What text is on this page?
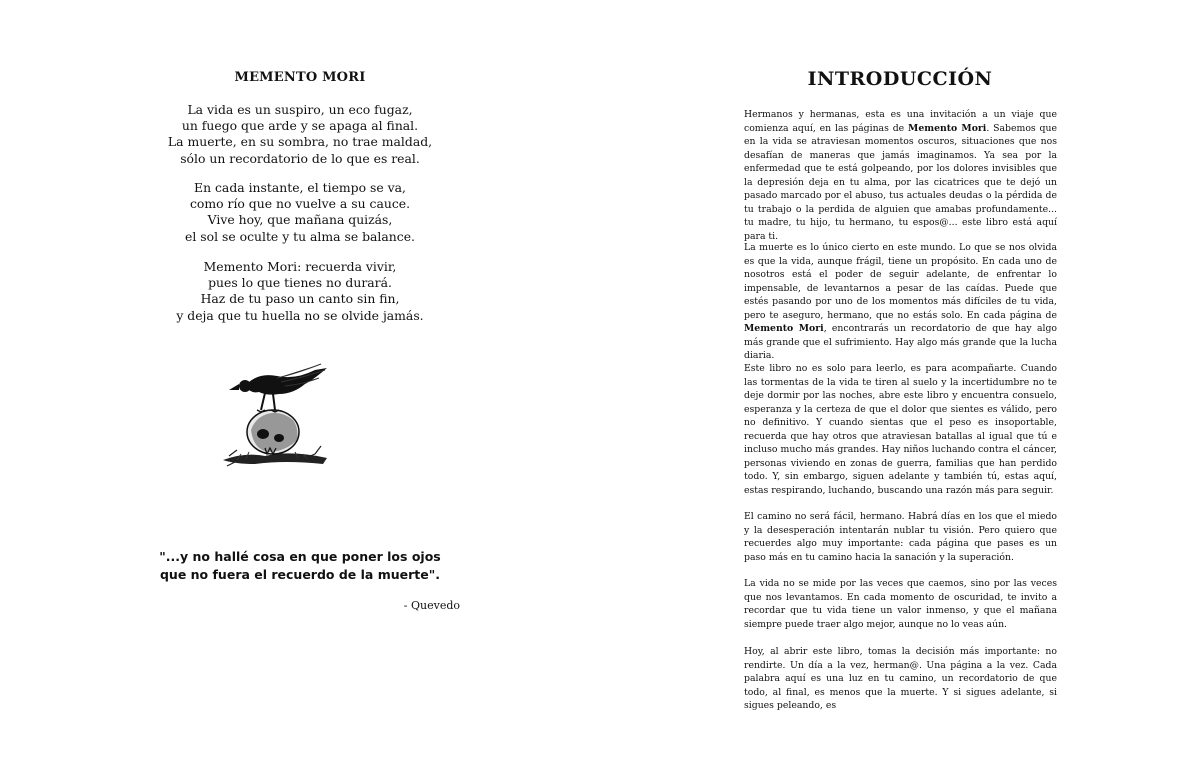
MEMENTO MORI
La vida es un suspiro, un eco fugaz,
un fuego que arde y se apaga al final.
La muerte, en su sombra, no trae maldad,
sólo un recordatorio de lo que es real.
En cada instante, el tiempo se va,
como río que no vuelve a su cauce.
Vive hoy, que mañana quizás,
el sol se oculte y tu alma se balance.
Memento Mori: recuerda vivir,
pues lo que tienes no durará.
Haz de tu paso un canto sin fin,
y deja que tu huella no se olvide jamás.
"...y no hallé cosa en que poner los ojos
que no fuera el recuerdo de la muerte".
- Quevedo
INTRODUCCIÓN

Hermanos y hermanas, esta es una invitación a un viaje que comienza aquí, en las páginas de Memento Mori. Sabemos que en la vida se atraviesan momentos oscuros, situaciones que nos desafían de maneras que jamás imaginamos. Ya sea por la enfermedad que te está golpeando, por los dolores invisibles que la depresión deja en tu alma, por las cicatrices que te dejó un pasado marcado por el abuso, tus actuales deudas o la pérdida de tu trabajo o la perdida de alguien que amabas profundamente... tu madre, tu hijo, tu hermano, tu espos@... este libro está aquí para ti.

La muerte es lo único cierto en este mundo. Lo que se nos olvida es que la vida, aunque frágil, tiene un propósito. En cada uno de nosotros está el poder de seguir adelante, de enfrentar lo impensable, de levantarnos a pesar de las caídas. Puede que estés pasando por uno de los momentos más difíciles de tu vida, pero te aseguro, hermano, que no estás solo. En cada página de Memento Mori, encontrarás un recordatorio de que hay algo más grande que el sufrimiento. Hay algo más grande que la lucha diaria.

Este libro no es solo para leerlo, es para acompañarte. Cuando las tormentas de la vida te tiren al suelo y la incertidumbre no te deje dormir por las noches, abre este libro y encuentra consuelo, esperanza y la certeza de que el dolor que sientes es válido, pero no definitivo. Y cuando sientas que el peso es insoportable, recuerda que hay otros que atraviesan batallas al igual que tú e incluso mucho más grandes. Hay niños luchando contra el cáncer, personas viviendo en zonas de guerra, familias que han perdido todo. Y, sin embargo, siguen adelante y también tú, estas aquí, estas respirando, luchando, buscando una razón más para seguir.

El camino no será fácil, hermano. Habrá días en los que el miedo y la desesperación intentarán nublar tu visión. Pero quiero que recuerdes algo muy importante: cada página que pases es un paso más en tu camino hacia la sanación y la superación.

La vida no se mide por las veces que caemos, sino por las veces que nos levantamos. En cada momento de oscuridad, te invito a recordar que tu vida tiene un valor inmenso, y que el mañana siempre puede traer algo mejor, aunque no lo veas aún.

Hoy, al abrir este libro, tomas la decisión más importante: no rendirte. Un día a la vez, herman@. Una página a la vez. Cada palabra aquí es una luz en tu camino, un recordatorio de que todo, al final, es menos que la muerte. Y si sigues adelante, si sigues peleando, es
